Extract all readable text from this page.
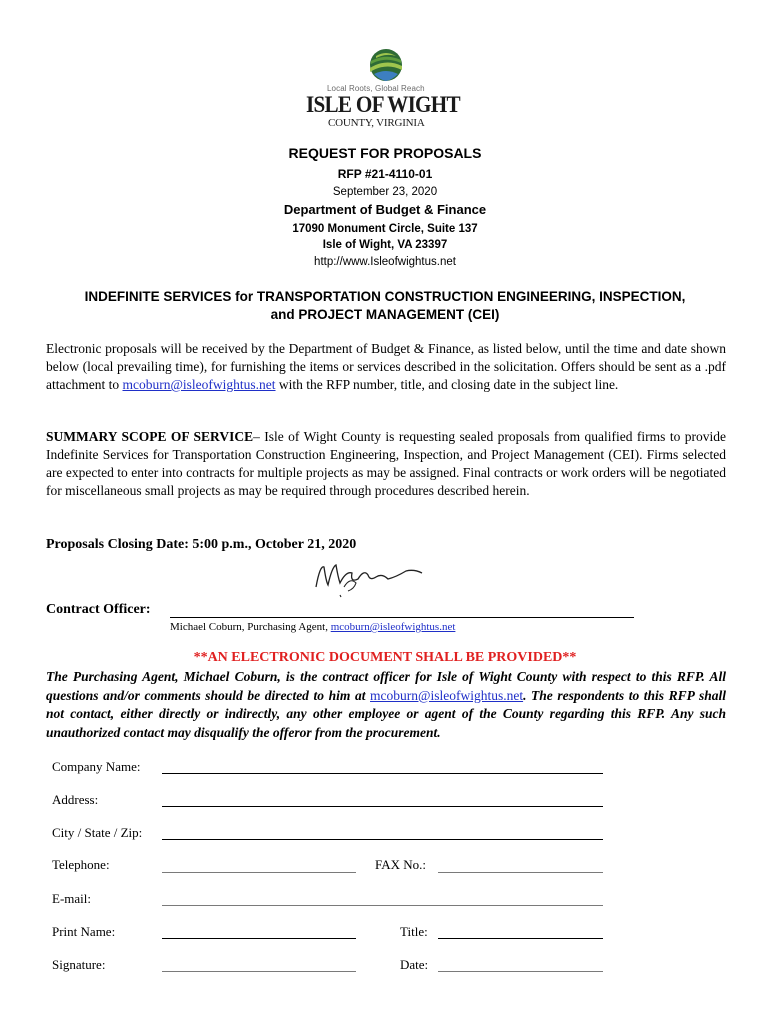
Local Roots, Global Reach
ISLE OF WIGHT
COUNTY, VIRGINIA
REQUEST FOR PROPOSALS
RFP #21-4110-01
September 23, 2020
Department of Budget & Finance
17090 Monument Circle, Suite 137
Isle of Wight, VA 23397
http://www.Isleofwightus.net
INDEFINITE SERVICES for TRANSPORTATION CONSTRUCTION ENGINEERING, INSPECTION,
and PROJECT MANAGEMENT (CEI)
Electronic proposals will be received by the Department of Budget & Finance, as listed below, until the time and date shown below (local prevailing time), for furnishing the items or services described in the solicitation. Offers should be sent as a .pdf attachment to mcoburn@isleofwightus.net with the RFP number, title, and closing date in the subject line.
SUMMARY SCOPE OF SERVICE– Isle of Wight County is requesting sealed proposals from qualified firms to provide Indefinite Services for Transportation Construction Engineering, Inspection, and Project Management (CEI). Firms selected are expected to enter into contracts for multiple projects as may be assigned. Final contracts or work orders will be negotiated for miscellaneous small projects as may be required through procedures described herein.
Proposals Closing Date: 5:00 p.m., October 21, 2020
Contract Officer:
Michael Coburn, Purchasing Agent, mcoburn@isleofwightus.net
**AN ELECTRONIC DOCUMENT SHALL BE PROVIDED**
The Purchasing Agent, Michael Coburn, is the contract officer for Isle of Wight County with respect to this RFP. All questions and/or comments should be directed to him at mcoburn@isleofwightus.net. The respondents to this RFP shall not contact, either directly or indirectly, any other employee or agent of the County regarding this RFP. Any such unauthorized contact may disqualify the offeror from the procurement.
Company Name:
Address:
City / State / Zip:
Telephone:	FAX No.:
E-mail:
Print Name:	Title:
Signature:	Date:
